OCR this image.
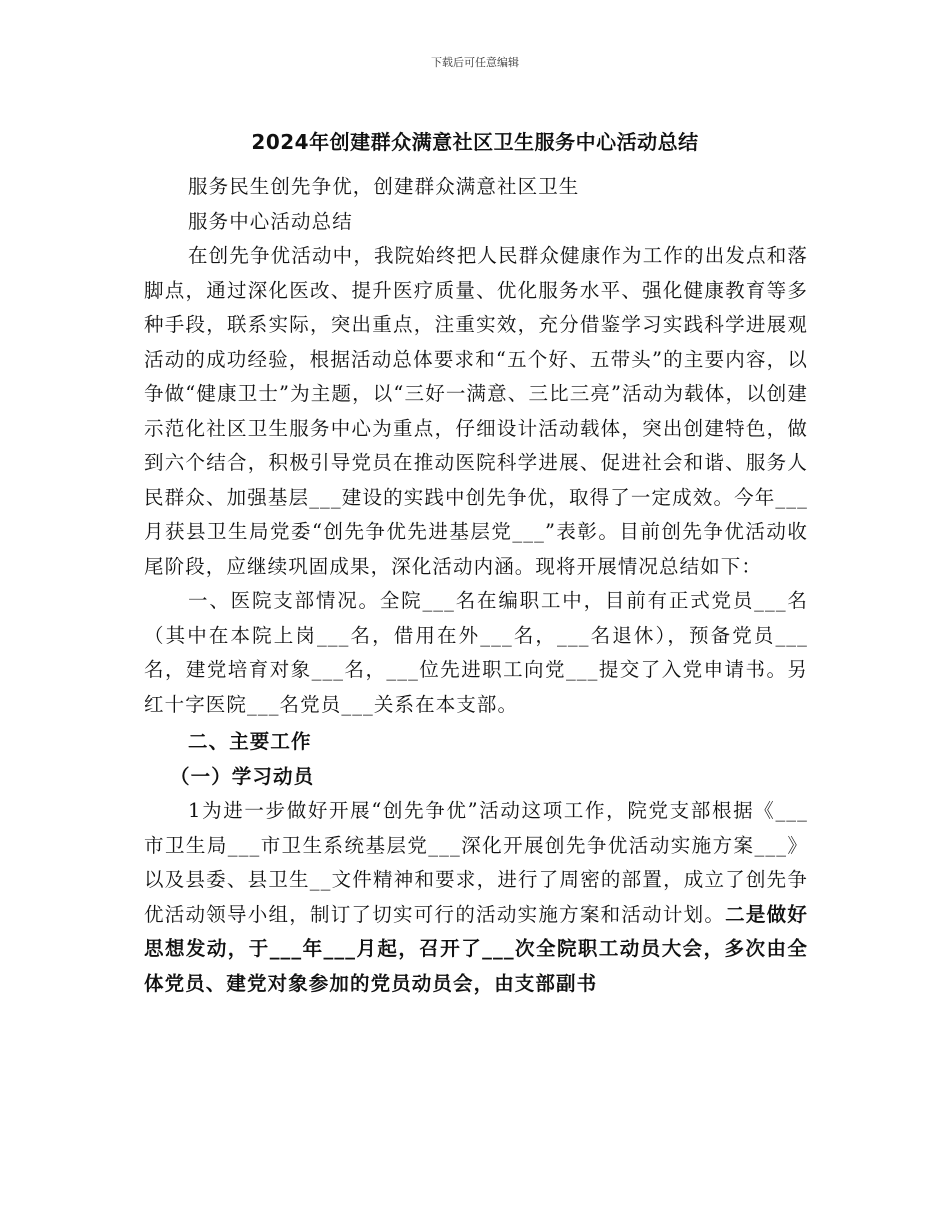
下载后可任意编辑
2024年创建群众满意社区卫生服务中心活动总结

服务民生创先争优，创建群众满意社区卫生

服务中心活动总结

在创先争优活动中，我院始终把人民群众健康作为工作的出发点和落脚点，通过深化医改、提升医疗质量、优化服务水平、强化健康教育等多种手段，联系实际，突出重点，注重实效，充分借鉴学习实践科学进展观活动的成功经验，根据活动总体要求和“五个好、五带头”的主要内容，以争做“健康卫士”为主题，以“三好一满意、三比三亮”活动为载体，以创建示范化社区卫生服务中心为重点，仔细设计活动载体，突出创建特色，做到六个结合，积极引导党员在推动医院科学进展、促进社会和谐、服务人民群众、加强基层___建设的实践中创先争优，取得了一定成效。今年___月获县卫生局党委“创先争优先进基层党___”表彰。目前创先争优活动收尾阶段，应继续巩固成果，深化活动内涵。现将开展情况总结如下：

一、医院支部情况。全院___名在编职工中，目前有正式党员___名（其中在本院上岗___名，借用在外___名，___名退休），预备党员___名，建党培育对象___名，___位先进职工向党___提交了入党申请书。另红十字医院___名党员___关系在本支部。

二、主要工作

（一）学习动员

1为进一步做好开展“创先争优”活动这项工作，院党支部根据《___市卫生局___市卫生系统基层党___深化开展创先争优活动实施方案___》以及县委、县卫生__文件精神和要求，进行了周密的部置，成立了创先争优活动领导小组，制订了切实可行的活动实施方案和活动计划。二是做好思想发动，于___年___月起，召开了___次全院职工动员大会，多次由全体党员、建党对象参加的党员动员会，由支部副书
